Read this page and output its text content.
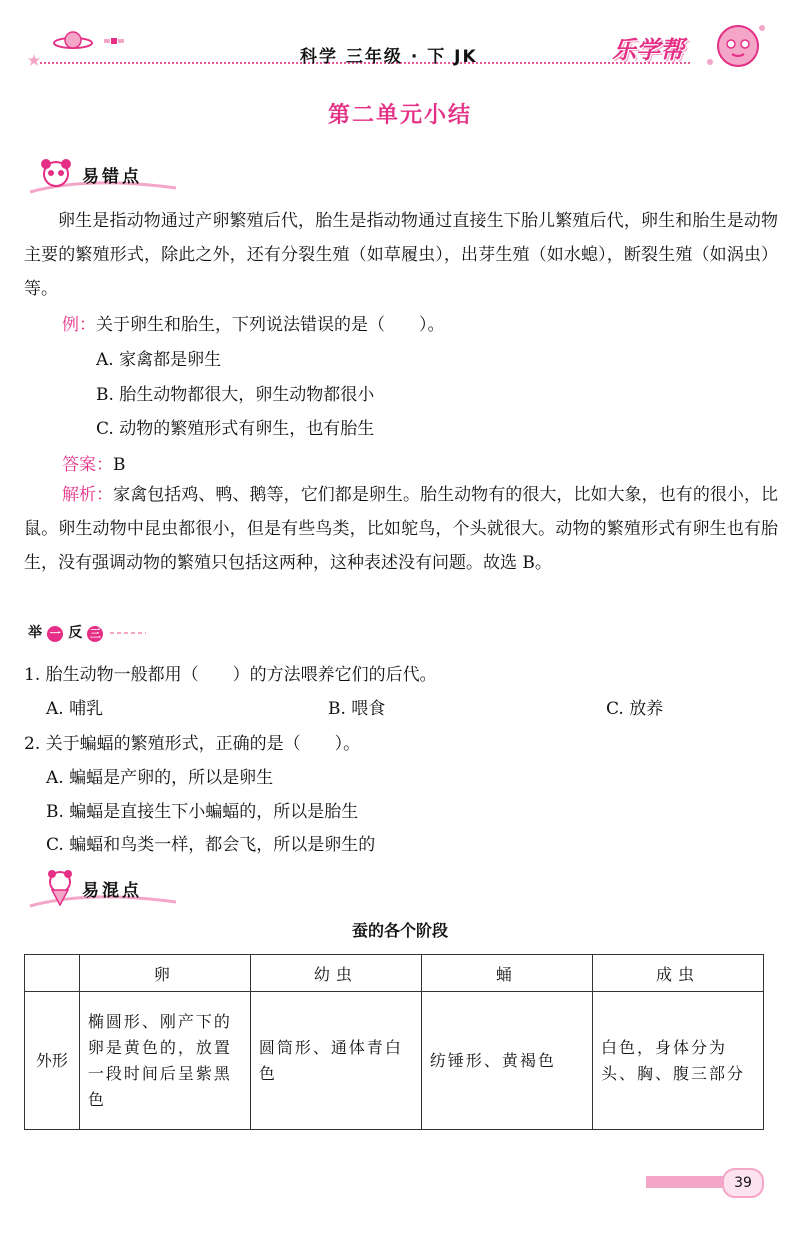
科学 三年级 · 下 JK	乐学帮
第二单元小结
易错点
卵生是指动物通过产卵繁殖后代，胎生是指动物通过直接生下胎儿繁殖后代，卵生和胎生是动物主要的繁殖形式，除此之外，还有分裂生殖（如草履虫），出芽生殖（如水螅），断裂生殖（如涡虫）等。
例：关于卵生和胎生，下列说法错误的是（　　）。
A. 家禽都是卵生
B. 胎生动物都很大，卵生动物都很小
C. 动物的繁殖形式有卵生，也有胎生
答案：B
解析：家禽包括鸡、鸭、鹅等，它们都是卵生。胎生动物有的很大，比如大象，也有的很小，比鼠。卵生动物中昆虫都很小，但是有些鸟类，比如鸵鸟，个头就很大。动物的繁殖形式有卵生也有胎生，没有强调动物的繁殖只包括这两种，这种表述没有问题。故选 B。
举 一 反 三
1. 胎生动物一般都用（　　）的方法喂养它们的后代。
A. 哺乳	B. 喂食	C. 放养
2. 关于蝙蝠的繁殖形式，正确的是（　　）。
A. 蝙蝠是产卵的，所以是卵生
B. 蝙蝠是直接生下小蝙蝠的，所以是胎生
C. 蝙蝠和鸟类一样，都会飞，所以是卵生的
易混点
蚕的各个阶段
	卵	幼虫	蛹	成虫
外形	椭圆形、刚产下的卵是黄色的，放置一段时间后呈紫黑色	圆筒形、通体青白色	纺锤形、黄褐色	白色，身体分为头、胸、腹三部分
39
